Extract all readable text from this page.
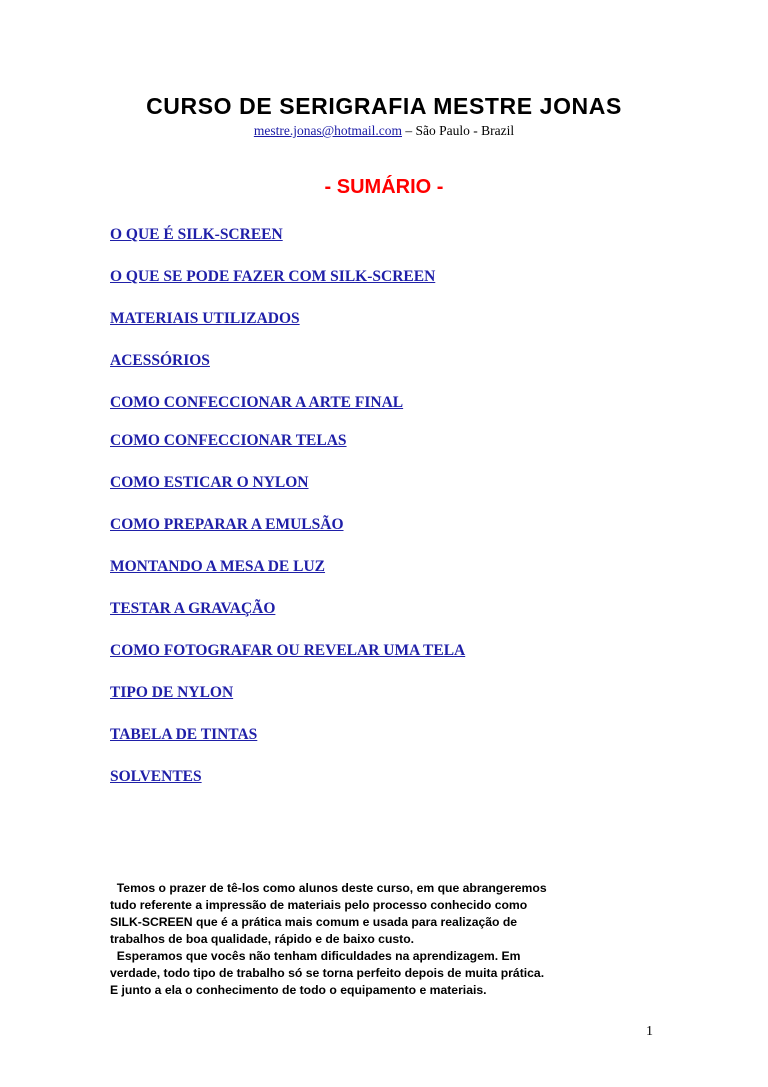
CURSO DE SERIGRAFIA MESTRE JONAS
mestre.jonas@hotmail.com – São Paulo - Brazil
- SUMÁRIO -
O QUE É SILK-SCREEN
O QUE SE PODE FAZER COM SILK-SCREEN
MATERIAIS UTILIZADOS
ACESSÓRIOS
COMO CONFECCIONAR A ARTE FINAL
COMO CONFECCIONAR TELAS
COMO ESTICAR O NYLON
COMO PREPARAR A EMULSÃO
MONTANDO A MESA DE LUZ
TESTAR A GRAVAÇÃO
COMO FOTOGRAFAR OU REVELAR UMA TELA
TIPO DE NYLON
TABELA DE TINTAS
SOLVENTES

Temos o prazer de tê-los como alunos deste curso, em que abrangeremos

tudo referente a impressão de materiais pelo processo conhecido como

SILK-SCREEN que é a prática mais comum e usada para realização de

trabalhos de boa qualidade, rápido e de baixo custo.

Esperamos que vocês não tenham dificuldades na aprendizagem. Em

verdade, todo tipo de trabalho só se torna perfeito depois de muita prática.

E junto a ela o conhecimento de todo o equipamento e materiais.

1
